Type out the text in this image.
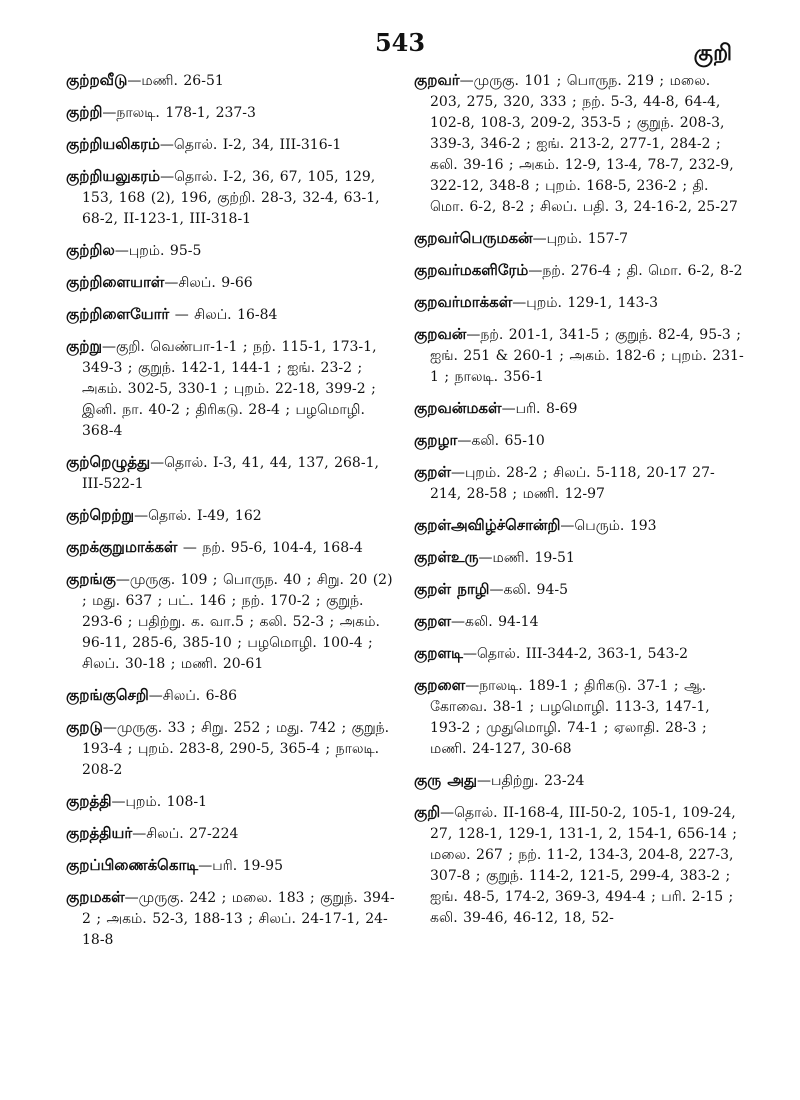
543	குறி
குற்றவீடு—மணி. 26-51
குற்றி—நாலடி. 178-1, 237-3
குற்றியலிகரம்—தொல். I-2, 34, III-316-1
குற்றியலுகரம்—தொல். I-2, 36, 67, 105, 129, 153, 168 (2), 196, குற்றி. 28-3, 32-4, 63-1, 68-2, II-123-1, III-318-1
குற்றில—புறம். 95-5
குற்றிளையாள்—சிலப். 9-66
குற்றிளையோர் — சிலப். 16-84
குற்று—குறி. வெண்பா-1-1 ; நற். 115-1, 173-1, 349-3 ; குறுந். 142-1, 144-1 ; ஐங். 23-2 ; அகம். 302-5, 330-1 ; புறம். 22-18, 399-2 ; இனி. நா. 40-2 ; திரிகடு. 28-4 ; பழமொழி. 368-4
குற்றெழுத்து—தொல். I-3, 41, 44, 137, 268-1, III-522-1
குற்றெற்று—தொல். I-49, 162
குறக்குறுமாக்கள் — நற். 95-6, 104-4, 168-4
குறங்கு—முருகு. 109 ; பொருந. 40 ; சிறு. 20 (2) ; மது. 637 ; பட். 146 ; நற். 170-2 ; குறுந். 293-6 ; பதிற்று. க. வா.5 ; கலி. 52-3 ; அகம். 96-11, 285-6, 385-10 ; பழமொழி. 100-4 ; சிலப். 30-18 ; மணி. 20-61
குறங்குசெறி—சிலப். 6-86
குறடு—முருகு. 33 ; சிறு. 252 ; மது. 742 ; குறுந். 193-4 ; புறம். 283-8, 290-5, 365-4 ; நாலடி. 208-2
குறத்தி—புறம். 108-1
குறத்தியர்—சிலப். 27-224
குறப்பிணைக்கொடி—பரி. 19-95
குறமகள்—முருகு. 242 ; மலை. 183 ; குறுந். 394-2 ; அகம். 52-3, 188-13 ; சிலப். 24-17-1, 24-18-8
குறவர்—முருகு. 101 ; பொருந. 219 ; மலை. 203, 275, 320, 333 ; நற். 5-3, 44-8, 64-4, 102-8, 108-3, 209-2, 353-5 ; குறுந். 208-3, 339-3, 346-2 ; ஐங். 213-2, 277-1, 284-2 ; கலி. 39-16 ; அகம். 12-9, 13-4, 78-7, 232-9, 322-12, 348-8 ; புறம். 168-5, 236-2 ; தி. மொ. 6-2, 8-2 ; சிலப். பதி. 3, 24-16-2, 25-27
குறவர்பெருமகன்—புறம். 157-7
குறவர்மகளிரேம்—நற். 276-4 ; தி. மொ. 6-2, 8-2
குறவர்மாக்கள்—புறம். 129-1, 143-3
குறவன்—நற். 201-1, 341-5 ; குறுந். 82-4, 95-3 ; ஐங். 251 & 260-1 ; அகம். 182-6 ; புறம். 231-1 ; நாலடி. 356-1
குறவன்மகள்—பரி. 8-69
குறழா—கலி. 65-10
குறள்—புறம். 28-2 ; சிலப். 5-118, 20-17 27-214, 28-58 ; மணி. 12-97
குறள்அவிழ்ச்சொன்றி—பெரும். 193
குறள்உரு—மணி. 19-51
குறள் நாழி—கலி. 94-5
குறள—கலி. 94-14
குறளடி—தொல். III-344-2, 363-1, 543-2
குறளை—நாலடி. 189-1 ; திரிகடு. 37-1 ; ஆ. கோவை. 38-1 ; பழமொழி. 113-3, 147-1, 193-2 ; முதுமொழி. 74-1 ; ஏலாதி. 28-3 ; மணி. 24-127, 30-68
குரு அது—பதிற்று. 23-24
குறி—தொல். II-168-4, III-50-2, 105-1, 109-24, 27, 128-1, 129-1, 131-1, 2, 154-1, 656-14 ; மலை. 267 ; நற். 11-2, 134-3, 204-8, 227-3, 307-8 ; குறுந். 114-2, 121-5, 299-4, 383-2 ; ஐங். 48-5, 174-2, 369-3, 494-4 ; பரி. 2-15 ; கலி. 39-46, 46-12, 18, 52-
